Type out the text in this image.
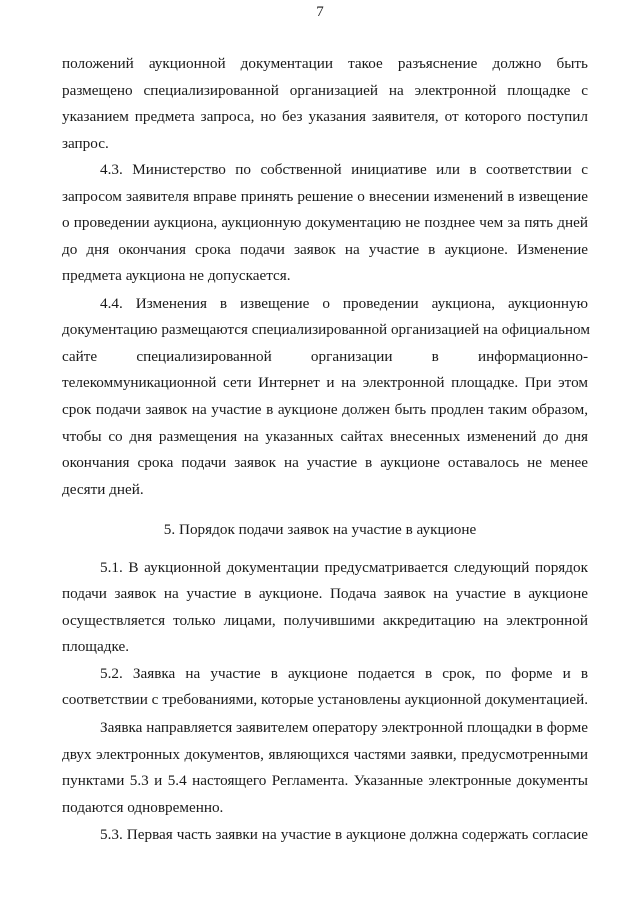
7
положений аукционной документации такое разъяснение должно быть
размещено специализированной организацией на электронной площадке с
указанием предмета запроса, но без указания заявителя, от которого поступил
запрос.
4.3. Министерство по собственной инициативе или в соответствии с
запросом заявителя вправе принять решение о внесении изменений в извещение
о проведении аукциона, аукционную документацию не позднее чем за пять дней
до дня окончания срока подачи заявок на участие в аукционе. Изменение
предмета аукциона не допускается.
4.4. Изменения в извещение о проведении аукциона, аукционную
документацию размещаются специализированной организацией на официальном
сайте специализированной организации в информационно-
телекоммуникационной сети Интернет и на электронной площадке. При этом
срок подачи заявок на участие в аукционе должен быть продлен таким образом,
чтобы со дня размещения на указанных сайтах внесенных изменений до дня
окончания срока подачи заявок на участие в аукционе оставалось не менее
десяти дней.
5. Порядок подачи заявок на участие в аукционе
5.1. В аукционной документации предусматривается следующий порядок
подачи заявок на участие в аукционе. Подача заявок на участие в аукционе
осуществляется только лицами, получившими аккредитацию на электронной
площадке.
5.2. Заявка на участие в аукционе подается в срок, по форме и в
соответствии с требованиями, которые установлены аукционной документацией.
Заявка направляется заявителем оператору электронной площадки в форме
двух электронных документов, являющихся частями заявки, предусмотренными
пунктами 5.3 и 5.4 настоящего Регламента. Указанные электронные документы
подаются одновременно.
5.3. Первая часть заявки на участие в аукционе должна содержать согласие
